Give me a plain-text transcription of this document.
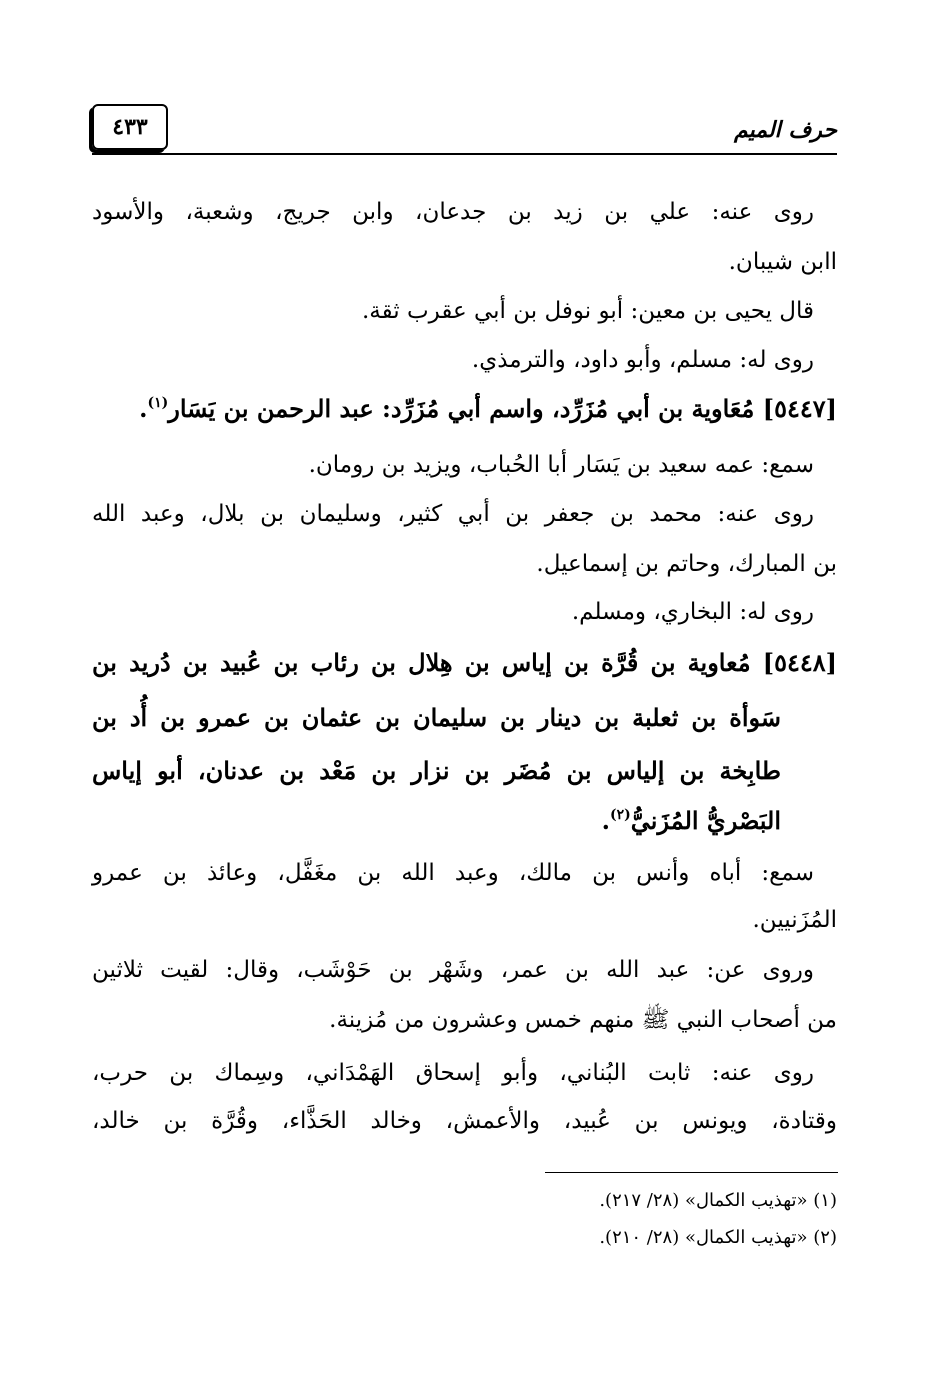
٤٣٣	حرف الميم
روى عنه: علي بن زيد بن جدعان، وابن جريج، وشعبة، والأسود
اابن شيبان.
قال يحيى بن معين: أبو نوفل بن أبي عقرب ثقة.
روى له: مسلم، وأبو داود، والترمذي.
[٥٤٤٧] مُعَاوية بن أبي مُزَرِّد، واسم أبي مُزَرِّد: عبد الرحمن بن يَسَار$^{(١)}$.
سمع: عمه سعيد بن يَسَار أبا الحُباب، ويزيد بن رومان.
روى عنه: محمد بن جعفر بن أبي كثير، وسليمان بن بلال، وعبد الله
بن المبارك، وحاتم بن إسماعيل.
روى له: البخاري، ومسلم.
[٥٤٤٨] مُعاوية بن قُرَّة بن إياس بن هِلال بن رئاب بن عُبيد بن دُريد بن
سَوأة بن ثعلبة بن دينار بن سليمان بن عثمان بن عمرو بن أُد بن
طابِخة بن إلياس بن مُضَر بن نزار بن مَعْد بن عدنان، أبو إياس
البَصْريُّ المُزَنيُّ$^{(٢)}$.
سمع: أباه وأنس بن مالك، وعبد الله بن مغَفَّل، وعائذ بن عمرو
المُزَنيين.
وروى عن: عبد الله بن عمر، وشَهْر بن حَوْشَب، وقال: لقيت ثلاثين
من أصحاب النبي ﷺ منهم خمس وعشرون من مُزينة.
روى عنه: ثابت البُناني، وأبو إسحاق الهَمْدَاني، وسِماك بن حرب،
وقتادة، ويونس بن عُبيد، والأعمش، وخالد الحَذَّاء، وقُرَّة بن خالد،
(١) «تهذيب الكمال» (٢٨/ ٢١٧).
(٢) «تهذيب الكمال» (٢٨/ ٢١٠).
